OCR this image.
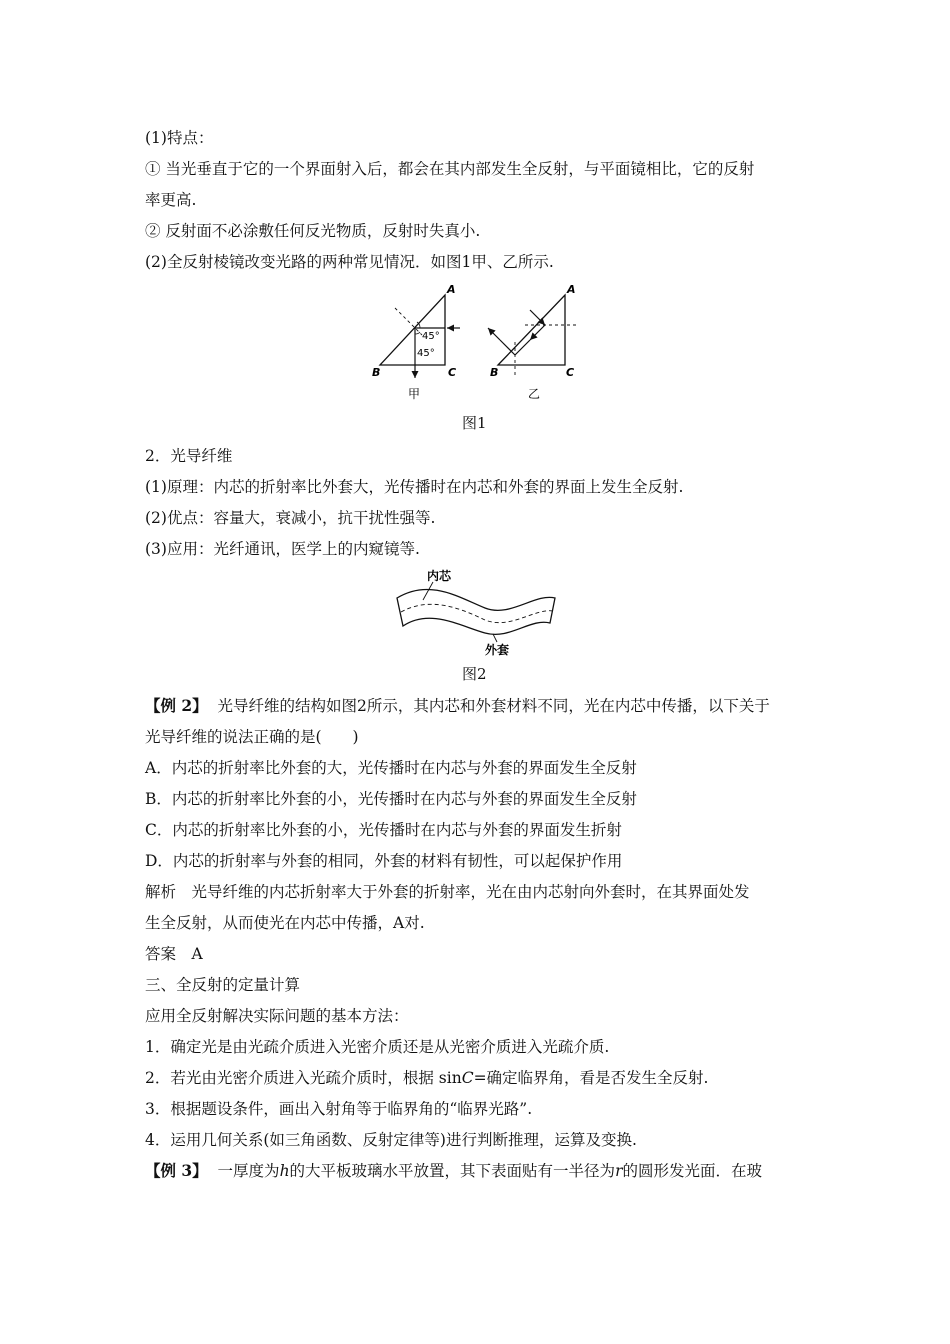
(1)特点：
① 当光垂直于它的一个界面射入后，都会在其内部发生全反射，与平面镜相比，它的反射
率更高.
② 反射面不必涂敷任何反光物质，反射时失真小.
(2)全反射棱镜改变光路的两种常见情况．如图1甲、乙所示.
45°
45°
A
B	C
甲
A
B	C
乙
图1
2．光导纤维
(1)原理：内芯的折射率比外套大，光传播时在内芯和外套的界面上发生全反射.
(2)优点：容量大，衰减小，抗干扰性强等.
(3)应用：光纤通讯，医学上的内窥镜等.
内芯
外套
图2
【例 2】 光导纤维的结构如图2所示，其内芯和外套材料不同，光在内芯中传播，以下关于
光导纤维的说法正确的是(　　)
A．内芯的折射率比外套的大，光传播时在内芯与外套的界面发生全反射
B．内芯的折射率比外套的小，光传播时在内芯与外套的界面发生全反射
C．内芯的折射率比外套的小，光传播时在内芯与外套的界面发生折射
D．内芯的折射率与外套的相同，外套的材料有韧性，可以起保护作用
解析　光导纤维的内芯折射率大于外套的折射率，光在由内芯射向外套时，在其界面处发
生全反射，从而使光在内芯中传播，A对.
答案　A
三、全反射的定量计算
应用全反射解决实际问题的基本方法：
1．确定光是由光疏介质进入光密介质还是从光密介质进入光疏介质.
2．若光由光密介质进入光疏介质时，根据 sinC=确定临界角，看是否发生全反射.
3．根据题设条件，画出入射角等于临界角的“临界光路”.
4．运用几何关系(如三角函数、反射定律等)进行判断推理，运算及变换.
【例 3】 一厚度为h的大平板玻璃水平放置，其下表面贴有一半径为r的圆形发光面．在玻
